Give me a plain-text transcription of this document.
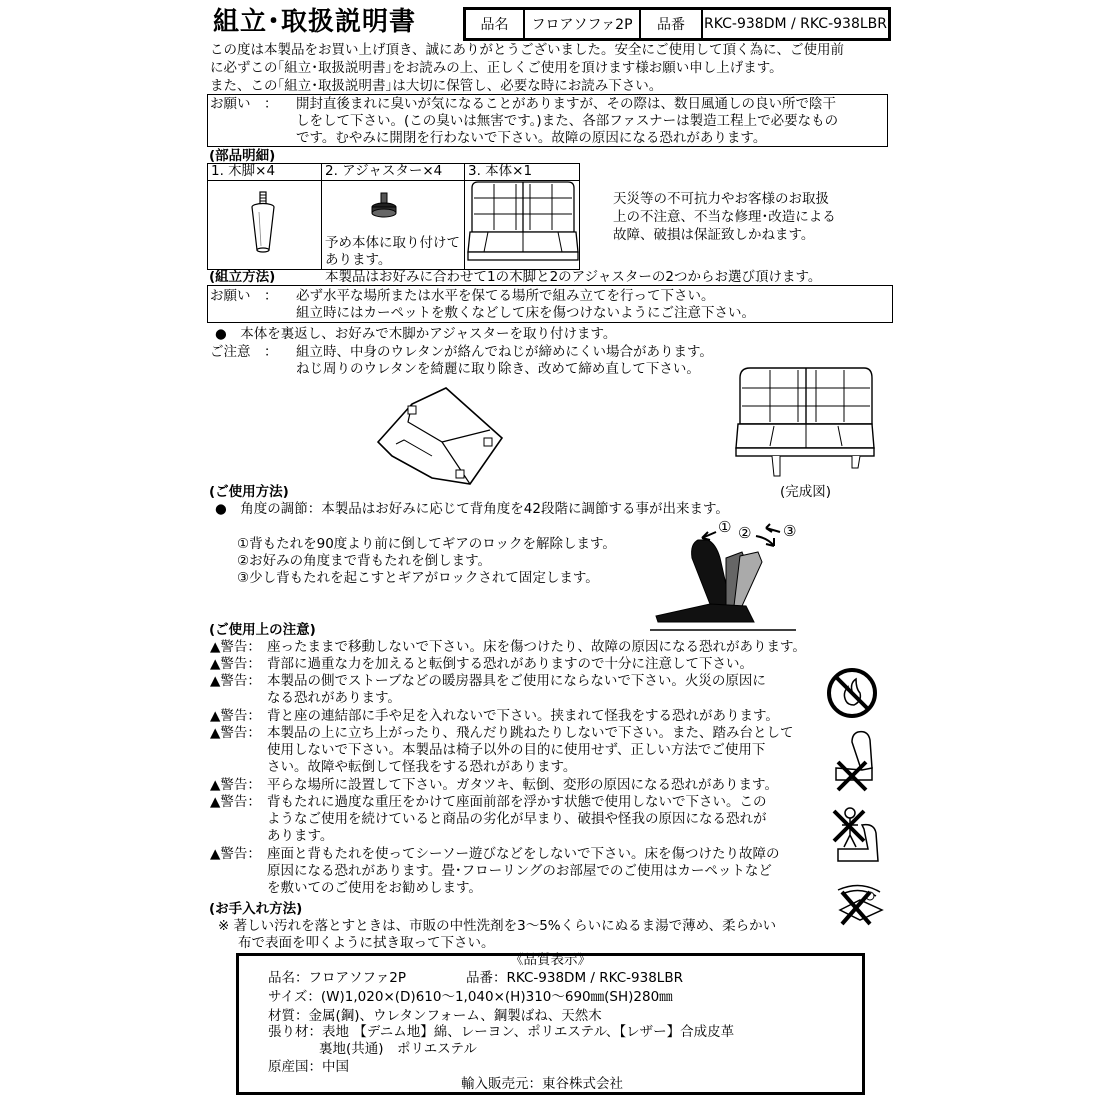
組立･取扱説明書	品名	フロアソファ2P	品番	RKC-938DM / RKC-938LBR
この度は本製品をお買い上げ頂き、誠にありがとうございました。安全にご使用して頂く為に、ご使用前
に必ずこの｢組立･取扱説明書｣をお読みの上、正しくご使用を頂けます様お願い申し上げます。
また、この｢組立･取扱説明書｣は大切に保管し、必要な時にお読み下さい。
お願い　： 開封直後まれに臭いが気になることがありますが、その際は、数日風通しの良い所で陰干
しをして下さい。(この臭いは無害です。)また、各部ファスナーは製造工程上で必要なもの
です。むやみに開閉を行わないで下さい。故障の原因になる恐れがあります。
(部品明細)
1. 木脚×4	2. アジャスター×4 3. 本体×1
予め本体に取り付けて
あります。
天災等の不可抗力やお客様のお取扱
上の不注意、不当な修理･改造による
故障、破損は保証致しかねます。
(組立方法)	本製品はお好みに合わせて1の木脚と2のアジャスターの2つからお選び頂けます。
お願い　： 必ず水平な場所または水平を保てる場所で組み立てを行って下さい。
組立時にはカーペットを敷くなどして床を傷つけないようにご注意下さい。
●　本体を裏返し、お好みで木脚かアジャスターを取り付けます。
ご注意　： 組立時、中身のウレタンが絡んでねじが締めにくい場合があります。
ねじ周りのウレタンを綺麗に取り除き、改めて締め直して下さい。
(完成図)
(ご使用方法)
●　角度の調節：本製品はお好みに応じて背角度を42段階に調節する事が出来ます。
①背もたれを90度より前に倒してギアのロックを解除します。
②お好みの角度まで背もたれを倒します。
③少し背もたれを起こすとギアがロックされて固定します。
① ② ③
(ご使用上の注意)
▲警告： 座ったままで移動しないで下さい。床を傷つけたり、故障の原因になる恐れがあります。
▲警告： 背部に過重な力を加えると転倒する恐れがありますので十分に注意して下さい。
▲警告： 本製品の側でストーブなどの暖房器具をご使用にならないで下さい。火災の原因に
なる恐れがあります。
▲警告： 背と座の連結部に手や足を入れないで下さい。挟まれて怪我をする恐れがあります。
▲警告： 本製品の上に立ち上がったり、飛んだり跳ねたりしないで下さい。また、踏み台として
使用しないで下さい。本製品は椅子以外の目的に使用せず、正しい方法でご使用下
さい。故障や転倒して怪我をする恐れがあります。
▲警告： 平らな場所に設置して下さい。ガタツキ、転倒、変形の原因になる恐れがあります。
▲警告： 背もたれに過度な重圧をかけて座面前部を浮かす状態で使用しないで下さい。この
ようなご使用を続けていると商品の劣化が早まり、破損や怪我の原因になる恐れが
あります。
▲警告： 座面と背もたれを使ってシーソー遊びなどをしないで下さい。床を傷つけたり故障の
原因になる恐れがあります。畳･フローリングのお部屋でのご使用はカーペットなど
を敷いてのご使用をお勧めします。
(お手入れ方法)
※ 著しい汚れを落とすときは、市販の中性洗剤を3～5%くらいにぬるま湯で薄め、柔らかい
布で表面を叩くように拭き取って下さい。
《品質表示》
品名：フロアソファ2P	品番：RKC-938DM / RKC-938LBR
サイズ：(W)1,020×(D)610～1,040×(H)310～690㎜(SH)280㎜
材質：金属(鋼)、ウレタンフォーム、鋼製ばね、天然木
張り材：表地 【デニム地】綿、レーヨン、ポリエステル、【レザー】合成皮革
裏地(共通)　ポリエステル
原産国：中国
輸入販売元：東谷株式会社
